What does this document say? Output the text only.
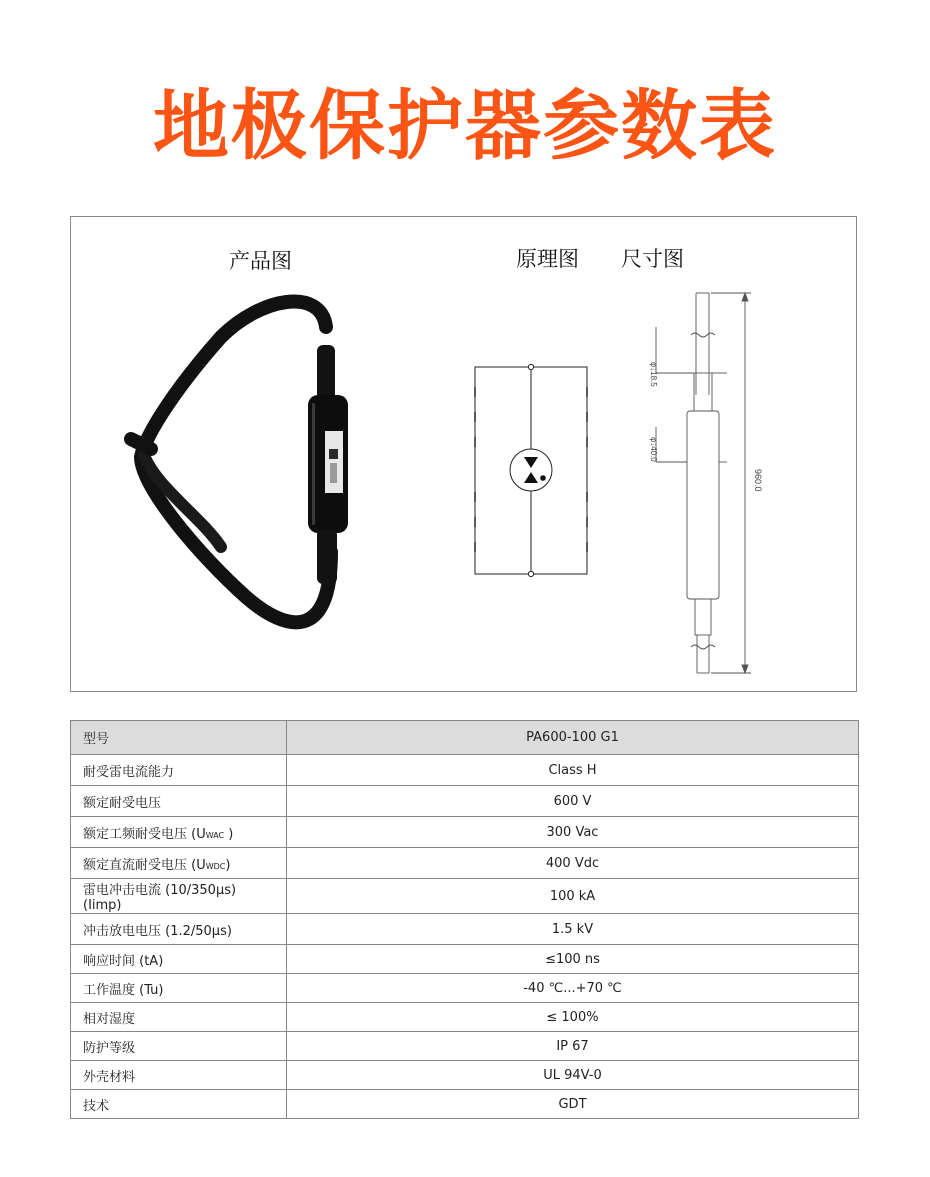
地极保护器参数表
产品图	原理图 尺寸图
φ↓18.5
φ↓40.0
960.0
型号	PA600-100 G1
耐受雷电流能力	Class H
额定耐受电压	600 V
额定工频耐受电压 (UWAC )	300 Vac
额定直流耐受电压 (UWDC)	400 Vdc
雷电冲击电流 (10/350μs) (Iimp)	100 kA
冲击放电电压 (1.2/50μs)	1.5 kV
响应时间 (tA)	≤100 ns
工作温度 (Tu)	-40 ℃...+70 ℃
相对湿度	≤ 100%
防护等级	IP 67
外壳材料	UL 94V-0
技术	GDT
